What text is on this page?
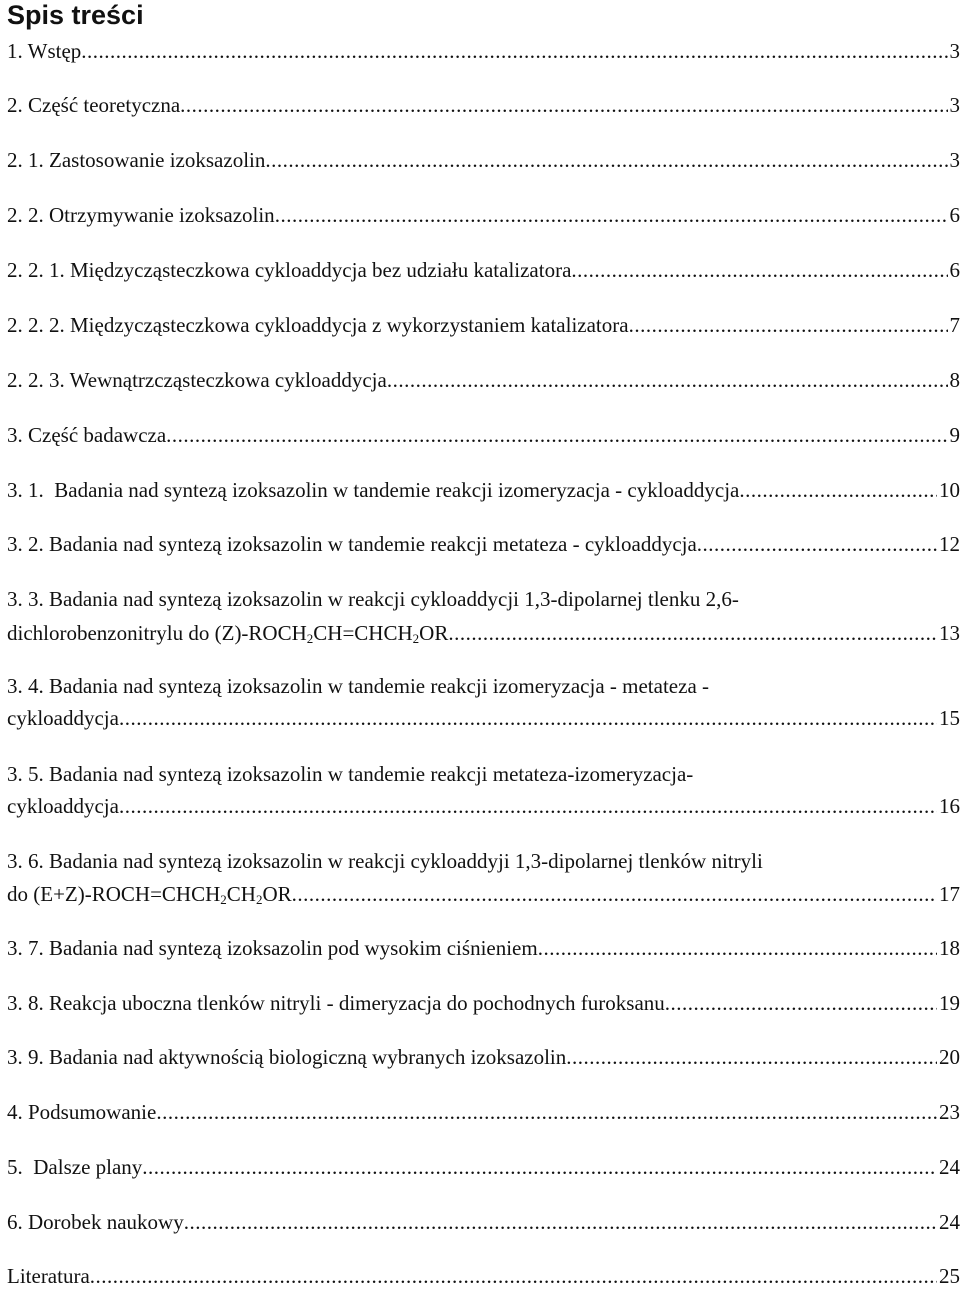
Spis treści
1. Wstęp .....	3
2. Część teoretyczna .....	3
2. 1. Zastosowanie izoksazolin .....	3
2. 2. Otrzymywanie izoksazolin .....	6
2. 2. 1. Międzycząsteczkowa cykloaddycja bez udziału katalizatora .....	6
2. 2. 2. Międzycząsteczkowa cykloaddycja z wykorzystaniem katalizatora .....	7
2. 2. 3. Wewnątrzcząsteczkowa cykloaddycja .....	8
3. Część badawcza .....	9
3. 1.  Badania nad syntezą izoksazolin w tandemie reakcji izomeryzacja - cykloaddycja .....	10
3. 2. Badania nad syntezą izoksazolin w tandemie reakcji metateza - cykloaddycja .....	12
3. 3. Badania nad syntezą izoksazolin w reakcji cykloaddycji 1,3-dipolarnej tlenku 2,6-
dichlorobenzonitrylu do $(Z)-ROCH_2CH=CHCH_2OR$ .....	13
3. 4. Badania nad syntezą izoksazolin w tandemie reakcji izomeryzacja - metateza -
cykloaddycja .....	15
3. 5. Badania nad syntezą izoksazolin w tandemie reakcji metateza-izomeryzacja-
cykloaddycja .....	16
3. 6. Badania nad syntezą izoksazolin w reakcji cykloaddyji 1,3-dipolarnej tlenków nitryli
do $(E+Z)-ROCH=CHCH_2CH_2OR$ .....	17
3. 7. Badania nad syntezą izoksazolin pod wysokim ciśnieniem .....	18
3. 8. Reakcja uboczna tlenków nitryli - dimeryzacja do pochodnych furoksanu .....	19
3. 9. Badania nad aktywnością biologiczną wybranych izoksazolin .....	20
4. Podsumowanie .....	23
5.  Dalsze plany .....	24
6. Dorobek naukowy .....	24
Literatura .....	25
